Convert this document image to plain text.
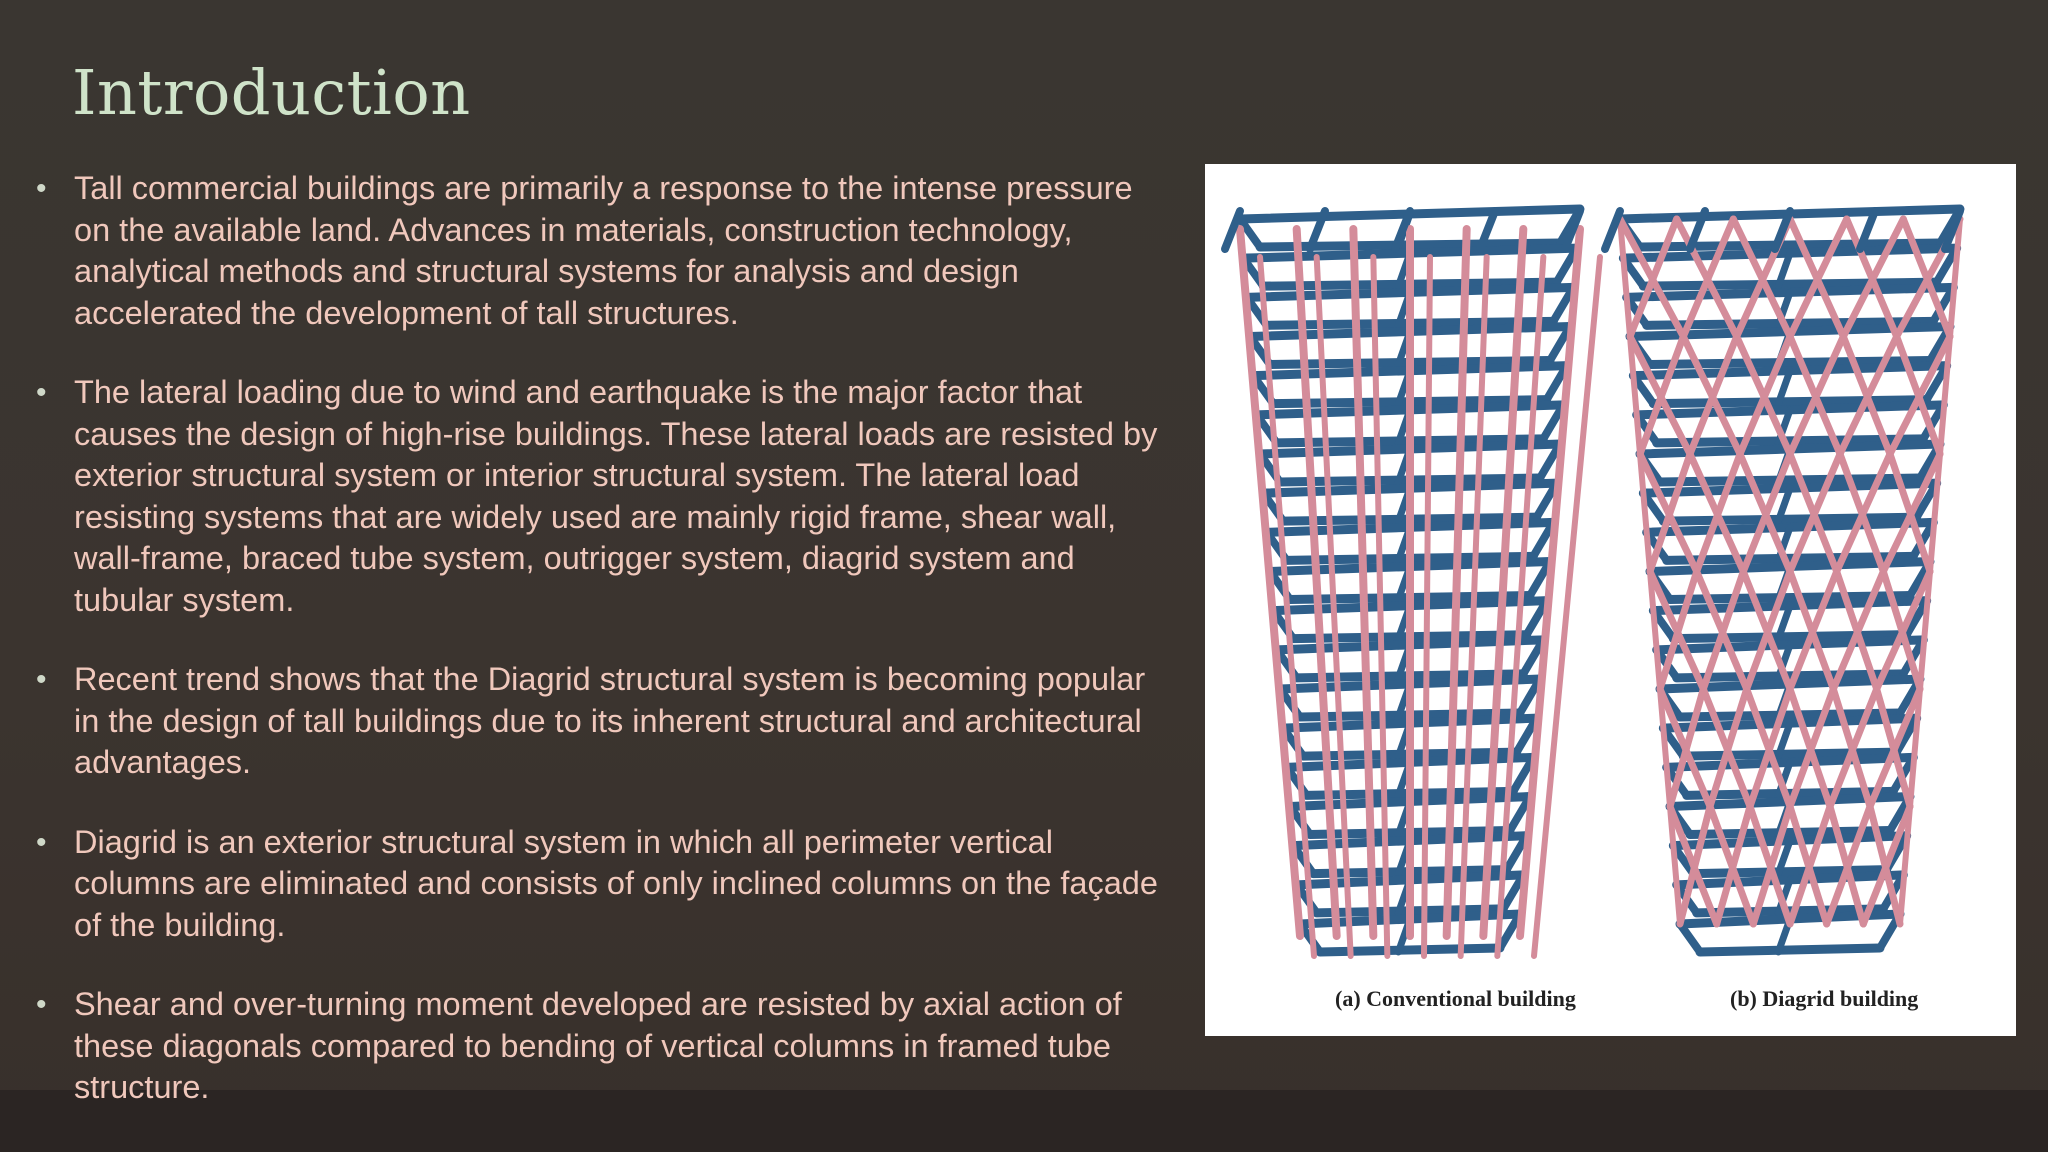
Introduction
• Tall commercial buildings are primarily a response to the intense pressure on the available land. Advances in materials, construction technology, analytical methods and structural systems for analysis and design accelerated the development of tall structures.
• The lateral loading due to wind and earthquake is the major factor that causes the design of high-rise buildings. These lateral loads are resisted by exterior structural system or interior structural system. The lateral load resisting systems that are widely used are mainly rigid frame, shear wall, wall-frame, braced tube system, outrigger system, diagrid system and tubular system.
• Recent trend shows that the Diagrid structural system is becoming popular in the design of tall buildings due to its inherent structural and architectural advantages.
• Diagrid is an exterior structural system in which all perimeter vertical columns are eliminated and consists of only inclined columns on the façade of the building.
• Shear and over-turning moment developed are resisted by axial action of these diagonals compared to bending of vertical columns in framed tube structure.
(a) Conventional building	(b) Diagrid building
